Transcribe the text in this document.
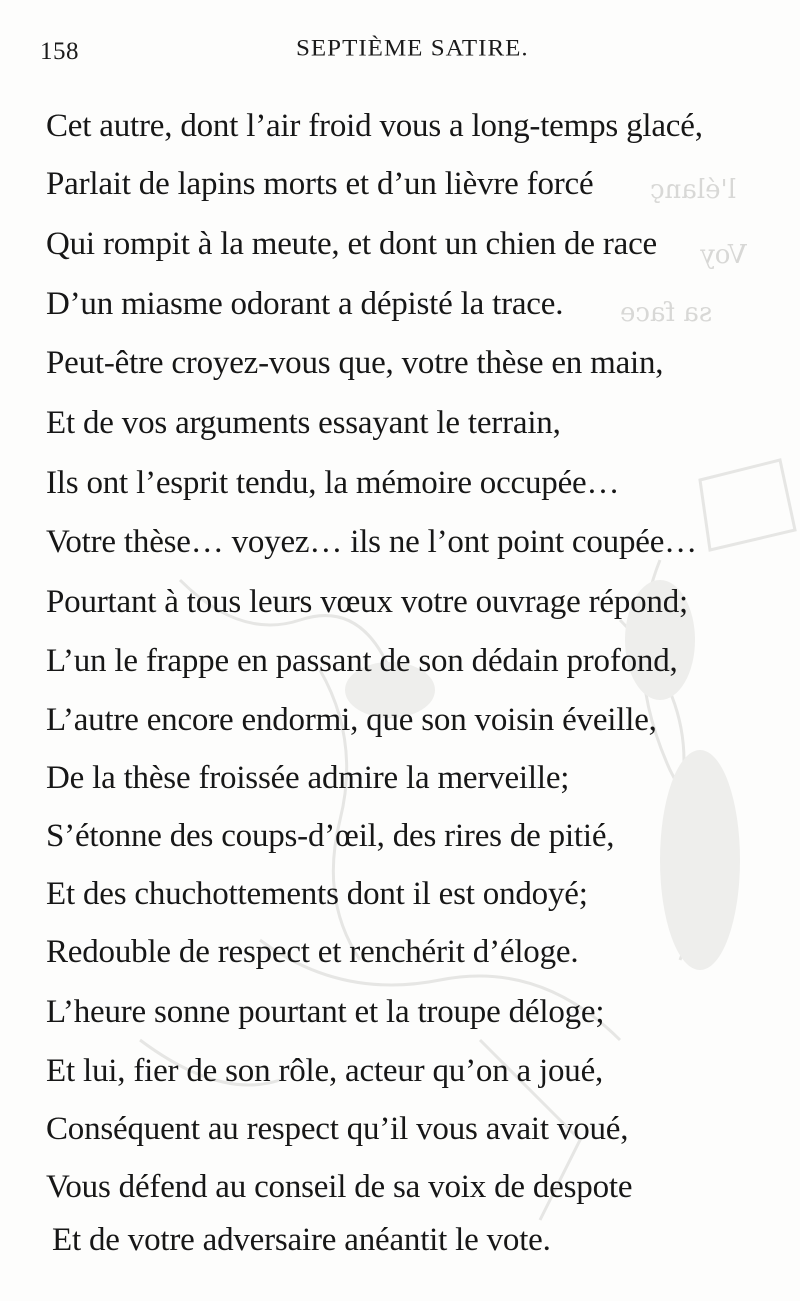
l'élanç
Voy
sa face
158	SEPTIÈME SATIRE.
Cet autre, dont l’air froid vous a long-temps glacé,
Parlait de lapins morts et d’un lièvre forcé
Qui rompit à la meute, et dont un chien de race
D’un miasme odorant a dépisté la trace.
Peut-être croyez-vous que, votre thèse en main,
Et de vos arguments essayant le terrain,
Ils ont l’esprit tendu, la mémoire occupée…
Votre thèse… voyez… ils ne l’ont point coupée…
Pourtant à tous leurs vœux votre ouvrage répond;
L’un le frappe en passant de son dédain profond,
L’autre encore endormi, que son voisin éveille,
De la thèse froissée admire la merveille;
S’étonne des coups-d’œil, des rires de pitié,
Et des chuchottements dont il est ondoyé;
Redouble de respect et renchérit d’éloge.
L’heure sonne pourtant et la troupe déloge;
Et lui, fier de son rôle, acteur qu’on a joué,
Conséquent au respect qu’il vous avait voué,
Vous défend au conseil de sa voix de despote
Et de votre adversaire anéantit le vote.
